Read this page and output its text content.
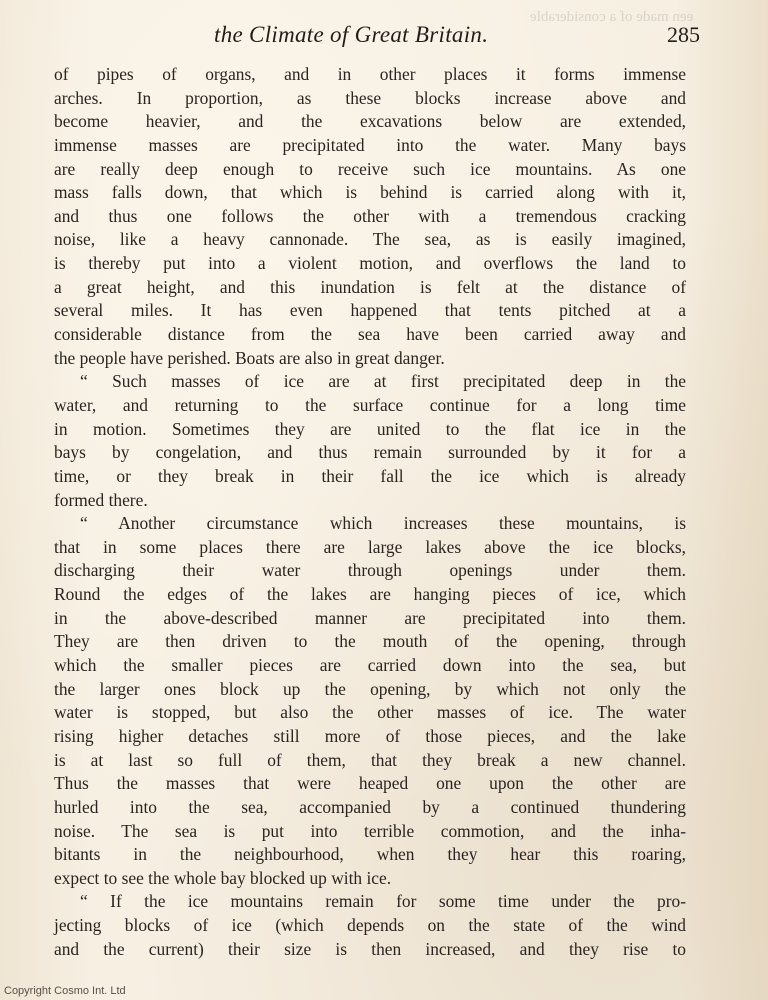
een made of a considerable
the Climate of Great Britain.	285
of pipes of organs, and in other places it forms immense
arches. In proportion, as these blocks increase above and
become heavier, and the excavations below are extended,
immense masses are precipitated into the water. Many bays
are really deep enough to receive such ice mountains. As one
mass falls down, that which is behind is carried along with it,
and thus one follows the other with a tremendous cracking
noise, like a heavy cannonade. The sea, as is easily imagined,
is thereby put into a violent motion, and overflows the land to
a great height, and this inundation is felt at the distance of
several miles. It has even happened that tents pitched at a
considerable distance from the sea have been carried away and
the people have perished. Boats are also in great danger.
“ Such masses of ice are at first precipitated deep in the
water, and returning to the surface continue for a long time
in motion. Sometimes they are united to the flat ice in the
bays by congelation, and thus remain surrounded by it for a
time, or they break in their fall the ice which is already
formed there.
“ Another circumstance which increases these mountains, is
that in some places there are large lakes above the ice blocks,
discharging their water through openings under them.
Round the edges of the lakes are hanging pieces of ice, which
in the above-described manner are precipitated into them.
They are then driven to the mouth of the opening, through
which the smaller pieces are carried down into the sea, but
the larger ones block up the opening, by which not only the
water is stopped, but also the other masses of ice. The water
rising higher detaches still more of those pieces, and the lake
is at last so full of them, that they break a new channel.
Thus the masses that were heaped one upon the other are
hurled into the sea, accompanied by a continued thundering
noise. The sea is put into terrible commotion, and the inha-
bitants in the neighbourhood, when they hear this roaring,
expect to see the whole bay blocked up with ice.
“ If the ice mountains remain for some time under the pro-
jecting blocks of ice (which depends on the state of the wind
and the current) their size is then increased, and they rise to
Copyright Cosmo Int. Ltd
